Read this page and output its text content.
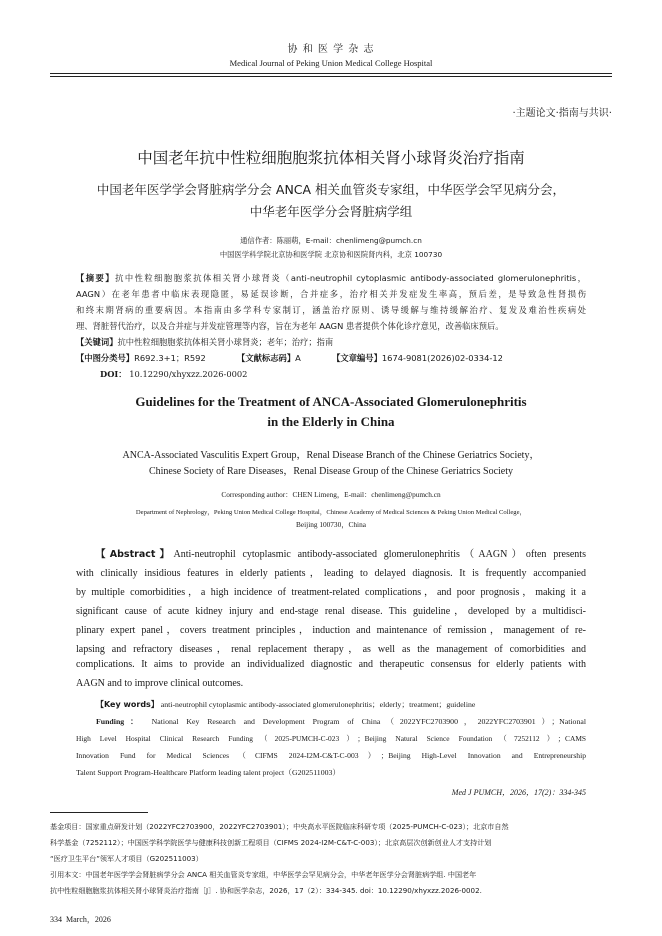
协 和 医 学 杂 志
Medical Journal of Peking Union Medical College Hospital
·主题论文·指南与共识·
中国老年抗中性粒细胞胞浆抗体相关肾小球肾炎治疗指南
中国老年医学学会肾脏病学分会 ANCA 相关血管炎专家组，中华医学会罕见病分会，
中华老年医学分会肾脏病学组
通信作者：陈丽萌，E-mail：chenlimeng@pumch.cn
中国医学科学院北京协和医学院 北京协和医院肾内科，北京 100730
【摘要】抗中性粒细胞胞浆抗体相关肾小球肾炎（anti-neutrophil cytoplasmic antibody-associated glomerulonephritis，
AAGN）在老年患者中临床表现隐匿，易延误诊断，合并症多，治疗相关并发症发生率高，预后差，是导致急性肾损伤
和终末期肾病的重要病因。本指南由多学科专家制订，涵盖治疗原则、诱导缓解与维持缓解治疗、复发及难治性疾病处
理、肾脏替代治疗，以及合并症与并发症管理等内容，旨在为老年 AAGN 患者提供个体化诊疗意见，改善临床预后。
【关键词】抗中性粒细胞胞浆抗体相关肾小球肾炎；老年；治疗；指南
【中图分类号】R692.3+1；R592	【文献标志码】A	【文章编号】1674-9081(2026)02-0334-12
DOI： 10.12290/xhyxzz.2026-0002
Guidelines for the Treatment of ANCA-Associated Glomerulonephritis
in the Elderly in China
ANCA-Associated Vasculitis Expert Group，Renal Disease Branch of the Chinese Geriatrics Society，
Chinese Society of Rare Diseases，Renal Disease Group of the Chinese Geriatrics Society
Corresponding author：CHEN Limeng，E-mail：chenlimeng@pumch.cn
Department of Nephrology，Peking Union Medical College Hospital，Chinese Academy of Medical Sciences & Peking Union Medical College，
Beijing 100730，China
【Abstract】Anti-neutrophil cytoplasmic antibody-associated glomerulonephritis（AAGN）often presents
with clinically insidious features in elderly patients，leading to delayed diagnosis. It is frequently accompanied
by multiple comorbidities，a high incidence of treatment-related complications，and poor prognosis，making it a
significant cause of acute kidney injury and end-stage renal disease. This guideline，developed by a multidisci-
plinary expert panel，covers treatment principles，induction and maintenance of remission，management of re-
lapsing and refractory diseases，renal replacement therapy，as well as the management of comorbidities and
complications. It aims to provide an individualized diagnostic and therapeutic consensus for elderly patients with
AAGN and to improve clinical outcomes.
【Key words】 anti-neutrophil cytoplasmic antibody-associated glomerulonephritis；elderly；treatment；guideline
Funding： National Key Research and Development Program of China（2022YFC2703900，2022YFC2703901）；National
High Level Hospital Clinical Research Funding（2025-PUMCH-C-023）；Beijing Natural Science Foundation（7252112）；CAMS
Innovation Fund for Medical Sciences（CIFMS 2024-I2M-C&T-C-003）；Beijing High-Level Innovation and Entrepreneurship
Talent Support Program-Healthcare Platform leading talent project（G202511003）
Med J PUMCH，2026，17(2)：334-345
基金项目：国家重点研发计划（2022YFC2703900，2022YFC2703901）；中央高水平医院临床科研专项（2025-PUMCH-C-023）；北京市自然
科学基金（7252112）；中国医学科学院医学与健康科技创新工程项目（CIFMS 2024-I2M-C&T-C-003）；北京高层次创新创业人才支持计划
“医疗卫生平台”领军人才项目（G202511003）
引用本文：中国老年医学学会肾脏病学分会 ANCA 相关血管炎专家组，中华医学会罕见病分会，中华老年医学分会肾脏病学组. 中国老年
抗中性粒细胞胞浆抗体相关肾小球肾炎治疗指南［J］. 协和医学杂志，2026，17（2）：334-345. doi：10.12290/xhyxzz.2026-0002.
334  March，2026
